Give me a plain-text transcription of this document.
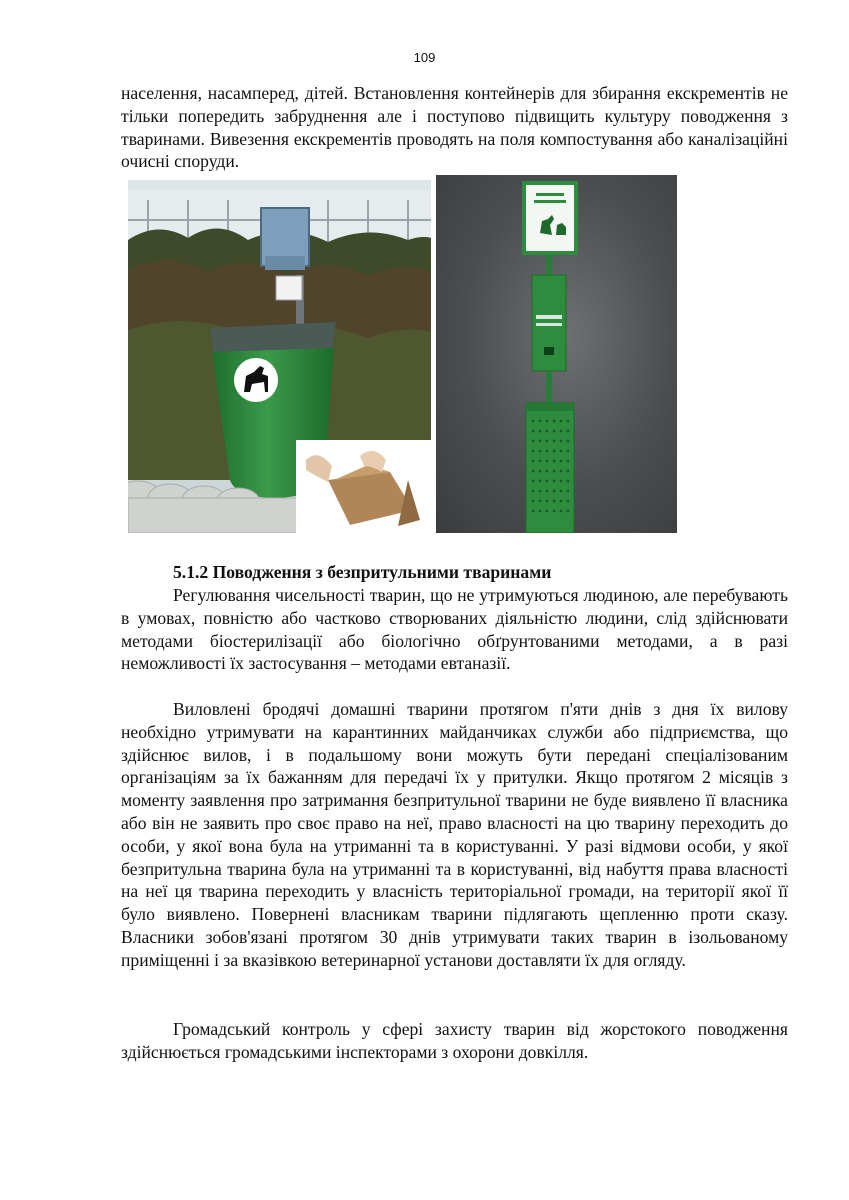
109

населення, насамперед, дітей. Встановлення контейнерів для збирання екскрементів не тільки попередить забруднення але і поступово підвищить культуру поводження з тваринами. Вивезення екскрементів проводять на поля компостування або каналізаційні очисні споруди.

5.1.2 Поводження з безпритульними тваринами

Регулювання чисельності тварин, що не утримуються людиною, але перебувають в умовах, повністю або частково створюваних діяльністю людини, слід здійснювати методами біостерилізації або біологічно обґрунтованими методами, а в разі неможливості їх застосування – методами евтаназії.

Виловлені бродячі домашні тварини протягом п'яти днів з дня їх вилову необхідно утримувати на карантинних майданчиках служби або підприємства, що здійснює вилов, і в подальшому вони можуть бути передані спеціалізованим організаціям за їх бажанням для передачі їх у притулки. Якщо протягом 2 місяців з моменту заявлення про затримання безпритульної тварини не буде виявлено її власника або він не заявить про своє право на неї, право власності на цю тварину переходить до особи, у якої вона була на утриманні та в користуванні. У разі відмови особи, у якої безпритульна тварина була на утриманні та в користуванні, від набуття права власності на неї ця тварина переходить у власність територіальної громади, на території якої її було виявлено. Повернені власникам тварини підлягають щепленню проти сказу. Власники зобов'язані протягом 30 днів утримувати таких тварин в ізольованому приміщенні і за вказівкою ветеринарної установи доставляти їх для огляду.

Громадський контроль у сфері захисту тварин від жорстокого поводження здійснюється громадськими інспекторами з охорони довкілля.
